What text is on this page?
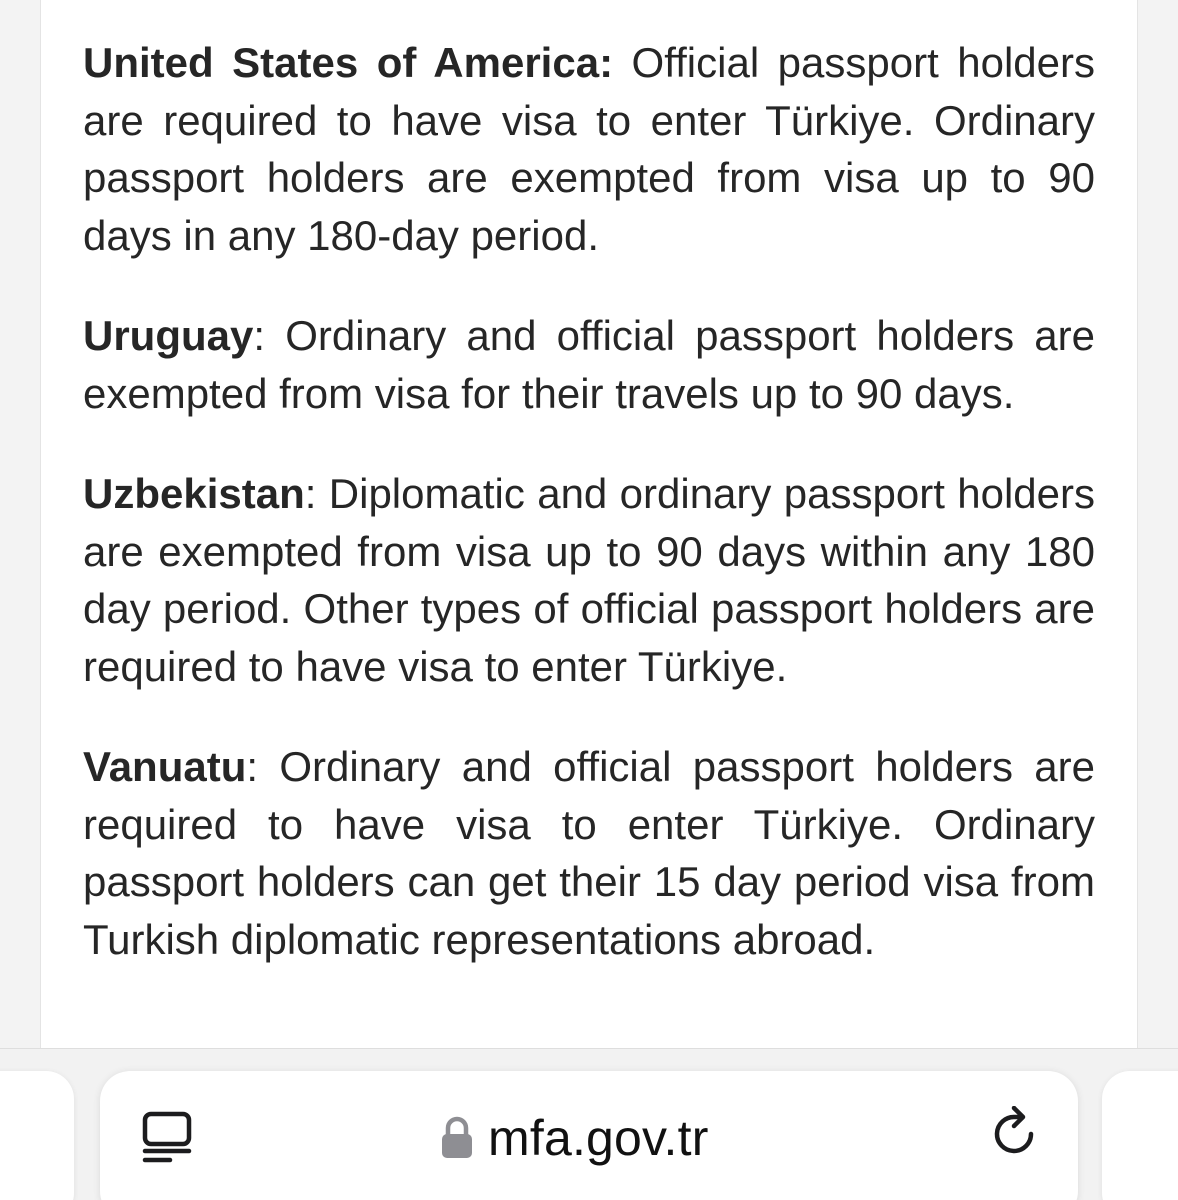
United States of America: Official passport holders are required to have visa to enter Türkiye. Ordinary passport holders are exempted from visa up to 90 days in any 180-day period.

Uruguay: Ordinary and official passport holders are exempted from visa for their travels up to 90 days.

Uzbekistan: Diplomatic and ordinary passport holders are exempted from visa up to 90 days within any 180 day period. Other types of official passport holders are required to have visa to enter Türkiye.

Vanuatu: Ordinary and official passport holders are required to have visa to enter Türkiye. Ordinary passport holders can get their 15 day period visa from Turkish diplomatic representations abroad.

mfa.gov.tr
